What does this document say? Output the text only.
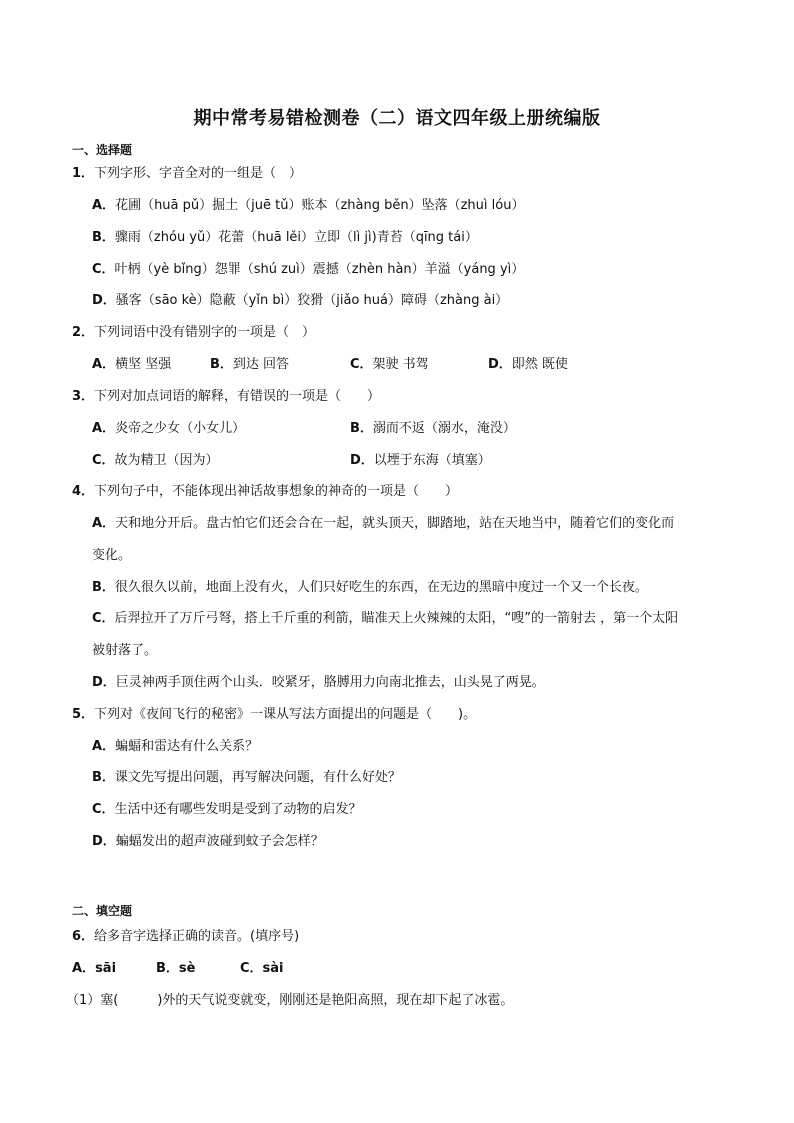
期中常考易错检测卷（二）语文四年级上册统编版
一、选择题
1．下列字形、字音全对的一组是（　）
A．花圃（huā pǔ）掘土（juē tǔ）账本（zhàng běn）坠落（zhuì lóu）
B．骤雨（zhóu yǔ）花蕾（huā lěi）立即（lì jì)青苔（qīng tái）
C．叶柄（yè bǐng）怨罪（shú zuì）震撼（zhèn hàn）羊溢（yáng yì）
D．骚客（sāo kè）隐蔽（yǐn bì）狡猾（jiǎo huá）障碍（zhàng ài）
2．下列词语中没有错别字的一项是（　）
A．横坚 坚强	B．到达 回答	C．架驶 书驾	D．即然 既使
3．下列对加点词语的解释，有错误的一项是（　　）
A．炎帝之少女（小女儿）	B．溺而不返（溺水，淹没）
C．故为精卫（因为）	D．以堙于东海（填塞）
4．下列句子中，不能体现出神话故事想象的神奇的一项是（　　）
A．天和地分开后。盘古怕它们还会合在一起，就头顶天，脚踏地，站在天地当中，随着它们的变化而
变化。
B．很久很久以前，地面上没有火，人们只好吃生的东西，在无边的黑暗中度过一个又一个长夜。
C．后羿拉开了万斤弓弩，搭上千斤重的利箭，瞄准天上火辣辣的太阳，“嗖”的一箭射去 ，第一个太阳
被射落了。
D．巨灵神两手顶住两个山头．咬紧牙，胳膊用力向南北推去，山头晃了两晃。
5．下列对《夜间飞行的秘密》一课从写法方面提出的问题是（　　)。
A．蝙蝠和雷达有什么关系？
B．课文先写提出问题，再写解决问题，有什么好处？
C．生活中还有哪些发明是受到了动物的启发？
D．蝙蝠发出的超声波碰到蚊子会怎样？
二、填空题
6．给多音字选择正确的读音。(填序号)
A．sāi	B．sè	C．sài
（1）塞(　　　)外的天气说变就变，刚刚还是艳阳高照，现在却下起了冰雹。
